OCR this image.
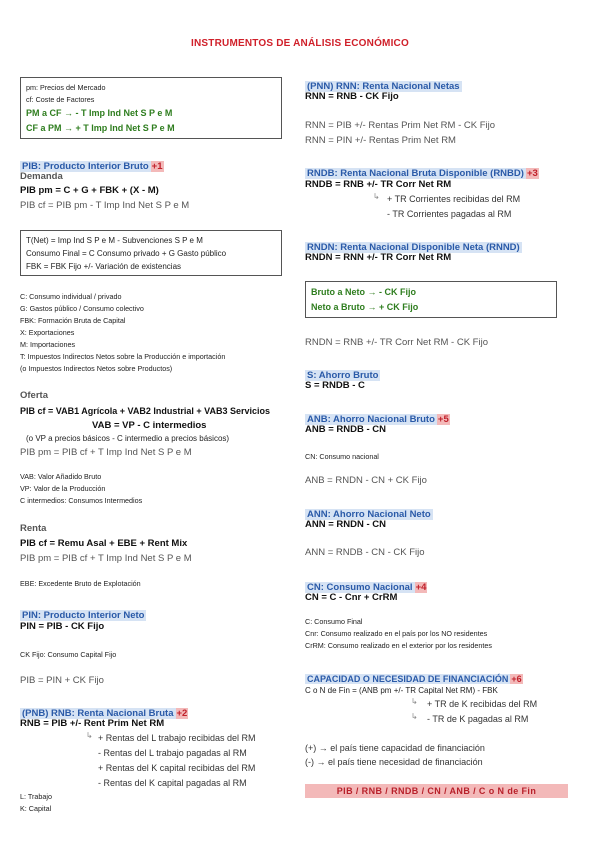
INSTRUMENTOS DE ANÁLISIS ECONÓMICO
pm: Precios del Mercado
cf: Coste de Factores
PM a CF → - T Imp Ind Net S P e M
CF a PM → + T Imp Ind Net S P e M
PIB: Producto Interior Bruto +1
Demanda
PIB pm = C + G + FBK + (X - M)
PIB cf = PIB pm - T Imp Ind Net S P e M
T(Net) = Imp Ind S P e M - Subvenciones S P e M
Consumo Final = C Consumo privado + G Gasto público
FBK = FBK Fijo +/- Variación de existencias
C: Consumo individual / privado
G: Gastos público / Consumo colectivo
FBK: Formación Bruta de Capital
X: Exportaciones
M: Importaciones
T: Impuestos Indirectos Netos sobre la Producción e importación
(o Impuestos Indirectos Netos sobre Productos)
Oferta
PIB cf = VAB1 Agrícola + VAB2 Industrial + VAB3 Servicios
VAB = VP - C intermedios
(o VP a precios básicos - C intermedio a precios básicos)
PIB pm = PIB cf + T Imp Ind Net S P e M
VAB: Valor Añadido Bruto
VP: Valor de la Producción
C intermedios: Consumos Intermedios
Renta
PIB cf = Remu Asal + EBE + Rent Mix
PIB pm = PIB cf + T Imp Ind Net S P e M
EBE: Excedente Bruto de Explotación
PIN: Producto Interior Neto
PIN = PIB - CK Fijo
CK Fijo: Consumo Capital Fijo
PIB = PIN + CK Fijo
(PNB) RNB: Renta Nacional Bruta +2
RNB = PIB +/- Rent Prim Net RM
↳ + Rentas del L trabajo recibidas del RM
- Rentas del L trabajo pagadas al RM
+ Rentas del K capital recibidas del RM
- Rentas del K capital pagadas al RM
L: Trabajo
K: Capital
(PNN) RNN: Renta Nacional Netas
RNN = RNB - CK Fijo
RNN = PIB +/- Rentas Prim Net RM - CK Fijo
RNN = PIN +/- Rentas Prim Net RM
RNDB: Renta Nacional Bruta Disponible (RNBD) +3
RNDB = RNB +/- TR Corr Net RM
↳ + TR Corrientes recibidas del RM
- TR Corrientes pagadas al RM
RNDN: Renta Nacional Disponible Neta (RNND)
RNDN = RNN +/- TR Corr Net RM
Bruto a Neto → - CK Fijo
Neto a Bruto → + CK Fijo
RNDN = RNB +/- TR Corr Net RM - CK Fijo
S: Ahorro Bruto
S = RNDB - C
ANB: Ahorro Nacional Bruto +5
ANB = RNDB - CN
CN: Consumo nacional
ANB = RNDN - CN + CK Fijo
ANN: Ahorro Nacional Neto
ANN = RNDN - CN
ANN = RNDB - CN - CK Fijo
CN: Consumo Nacional +4
CN = C - Cnr + CrRM
C: Consumo Final
Cnr: Consumo realizado en el país por los NO residentes
CrRM: Consumo realizado en el exterior por los residentes
CAPACIDAD O NECESIDAD DE FINANCIACIÓN +6
C o N de Fin = (ANB pm +/- TR Capital Net RM) - FBK
↳ + TR de K recibidas del RM
↳ - TR de K pagadas al RM
(+) → el país tiene capacidad de financiación
(-) → el país tiene necesidad de financiación
PIB / RNB / RNDB / CN / ANB / C o N de Fin
